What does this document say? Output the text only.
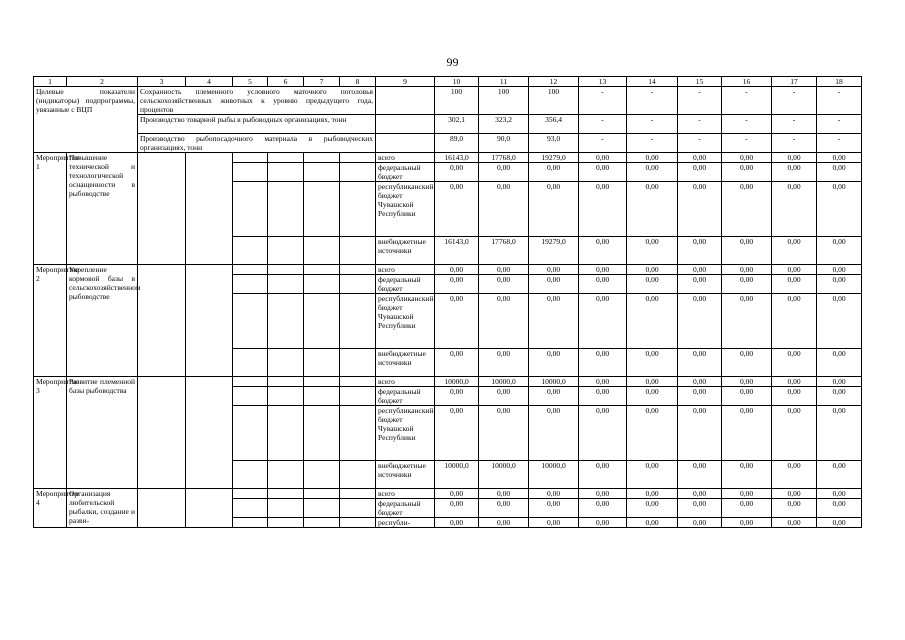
99
1	2	3	4	5	6	7	8	9	10	11	12	13	14	15	16	17	18
Целевые показатели (индикаторы) подпрограммы, увязанные с ВЦП		Сохранность племенного условного маточного поголовья сельскохозяйственных животных к уровню предыдущего года, процентов							100	100	100	-	-	-	-	-	-
		Производство товарной рыбы в рыбоводных организациях, тонн							302,1	323,2	356,4	-	-	-	-	-	-
		Производство рыбопосадочного материала в рыбоводческих организациях, тонн							89,0	90,0	93,0	-	-	-	-	-	-
Мероприятие 1	Повышение технической и технологической оснащенности в рыбоводстве							всего	16143,0	17768,0	19279,0	0,00	0,00	0,00	0,00	0,00	0,00
								федеральный бюджет	0,00	0,00	0,00	0,00	0,00	0,00	0,00	0,00	0,00
								республиканский бюджет Чувашской Республики	0,00	0,00	0,00	0,00	0,00	0,00	0,00	0,00	0,00
								внебюджетные источники	16143,0	17768,0	19279,0	0,00	0,00	0,00	0,00	0,00	0,00
Мероприятие 2	Укрепление кормовой базы в сельскохозяйственном рыбоводстве							всего	0,00	0,00	0,00	0,00	0,00	0,00	0,00	0,00	0,00
								федеральный бюджет	0,00	0,00	0,00	0,00	0,00	0,00	0,00	0,00	0,00
								республиканский бюджет Чувашской Республики	0,00	0,00	0,00	0,00	0,00	0,00	0,00	0,00	0,00
								внебюджетные источники	0,00	0,00	0,00	0,00	0,00	0,00	0,00	0,00	0,00
Мероприятие 3	Развитие племенной базы рыбоводства							всего	10000,0	10000,0	10000,0	0,00	0,00	0,00	0,00	0,00	0,00
								федеральный бюджет	0,00	0,00	0,00	0,00	0,00	0,00	0,00	0,00	0,00
								республиканский бюджет Чувашской Республики	0,00	0,00	0,00	0,00	0,00	0,00	0,00	0,00	0,00
								внебюджетные источники	10000,0	10000,0	10000,0	0,00	0,00	0,00	0,00	0,00	0,00
Мероприятие 4	Организация любительской рыбалки, создание и разви-							всего	0,00	0,00	0,00	0,00	0,00	0,00	0,00	0,00	0,00
								федеральный бюджет	0,00	0,00	0,00	0,00	0,00	0,00	0,00	0,00	0,00
								республи-	0,00	0,00	0,00	0,00	0,00	0,00	0,00	0,00	0,00
